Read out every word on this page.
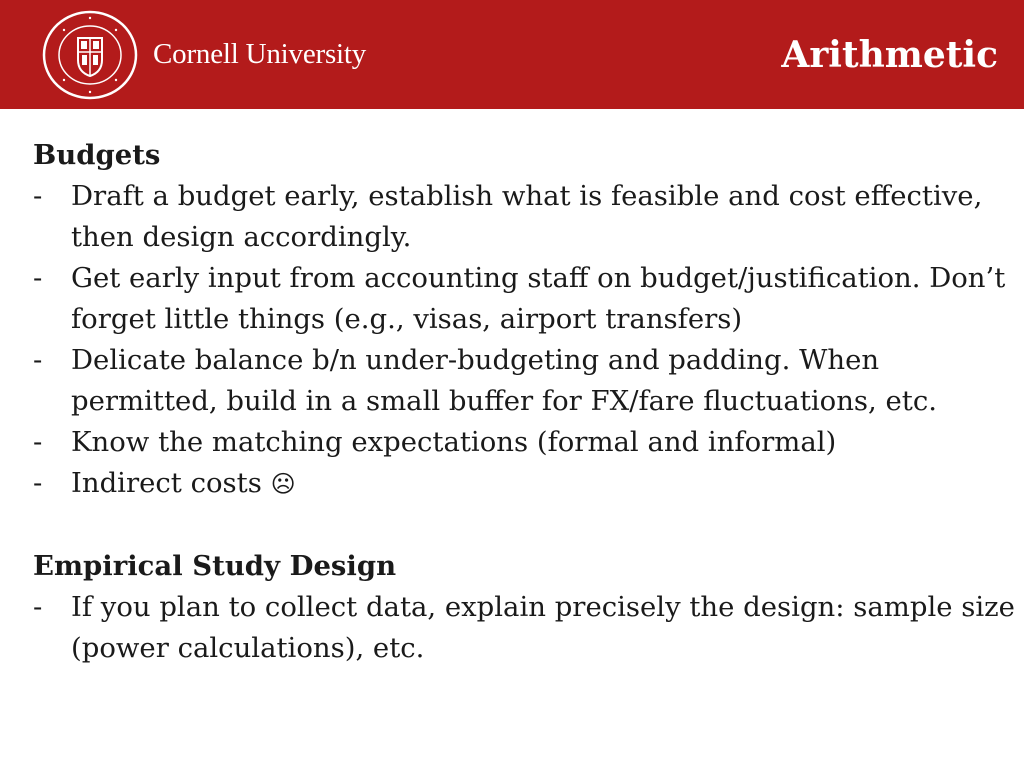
Cornell University	Arithmetic

Budgets

- Draft a budget early, establish what is feasible and cost effective, then design accordingly.
- Get early input from accounting staff on budget/justification. Don’t forget little things (e.g., visas, airport transfers)
- Delicate balance b/n under-budgeting and padding. When permitted, build in a small buffer for FX/fare fluctuations, etc.
- Know the matching expectations (formal and informal)
- Indirect costs ☹

Empirical Study Design

- If you plan to collect data, explain precisely the design: sample size (power calculations), etc.
